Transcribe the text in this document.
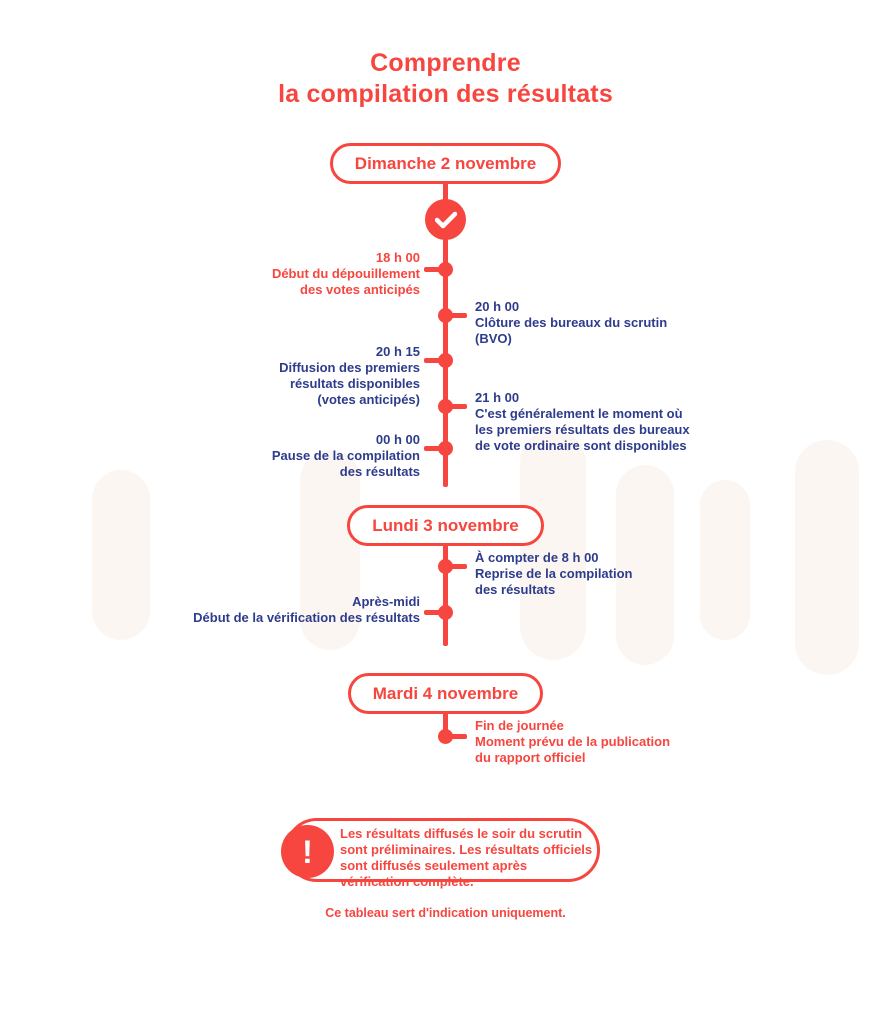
Comprendre
la compilation des résultats
Dimanche 2 novembre
18 h 00
Début du dépouillement
des votes anticipés
20 h 00
Clôture des bureaux du scrutin
(BVO)
20 h 15
Diffusion des premiers
résultats disponibles
(votes anticipés)	21 h 00
C'est généralement le moment où
les premiers résultats des bureaux
de vote ordinaire sont disponibles
00 h 00
Pause de la compilation
des résultats
Lundi 3 novembre
À compter de 8 h 00
Reprise de la compilation
des résultats
Après-midi
Début de la vérification des résultats
Mardi 4 novembre
Fin de journée
Moment prévu de la publication
du rapport officiel
! Les résultats diffusés le soir du scrutin sont préliminaires. Les résultats officiels sont diffusés seulement après vérification complète.
Ce tableau sert d'indication uniquement.
